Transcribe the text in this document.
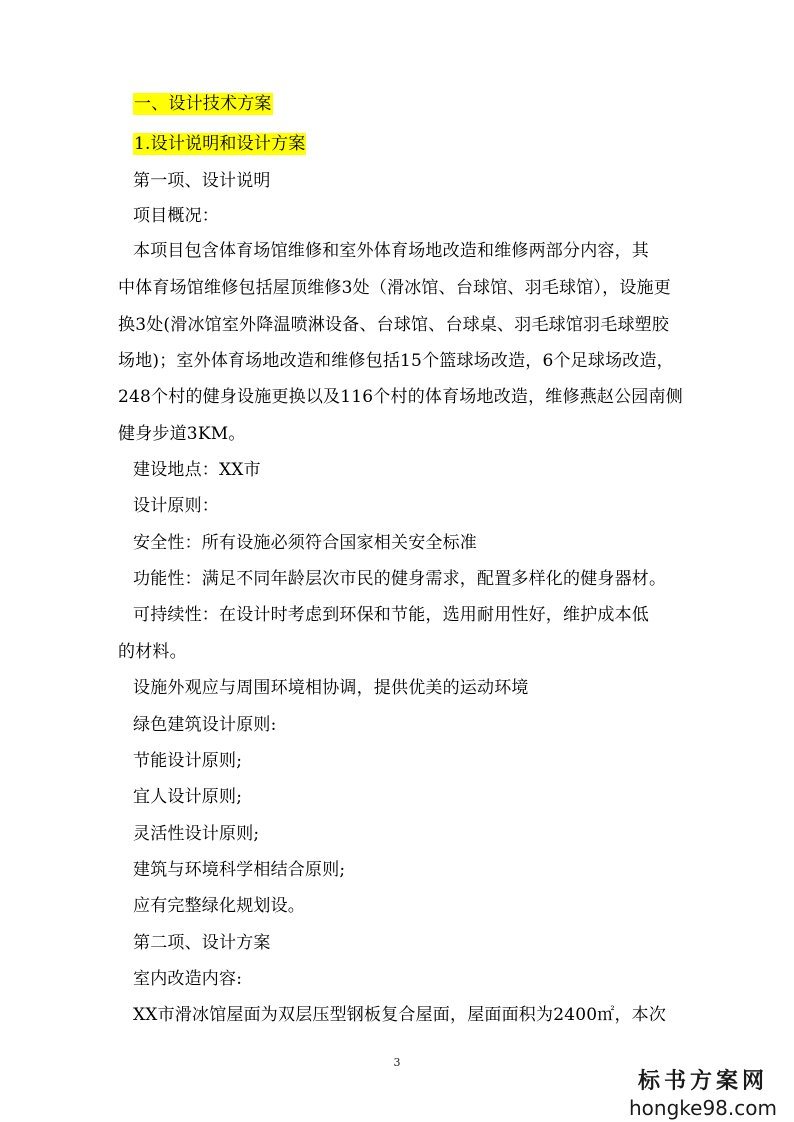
一、设计技术方案
1.设计说明和设计方案
第一项、设计说明
项目概况：
本项目包含体育场馆维修和室外体育场地改造和维修两部分内容，其
中体育场馆维修包括屋顶维修3处（滑冰馆、台球馆、羽毛球馆），设施更
换3处(滑冰馆室外降温喷淋设备、台球馆、台球桌、羽毛球馆羽毛球塑胶
场地)；室外体育场地改造和维修包括15个篮球场改造，6个足球场改造，
248个村的健身设施更换以及116个村的体育场地改造，维修燕赵公园南侧
健身步道3KM。
建设地点：XX市
设计原则：
安全性：所有设施必须符合国家相关安全标准
功能性：满足不同年龄层次市民的健身需求，配置多样化的健身器材。
可持续性：在设计时考虑到环保和节能，选用耐用性好，维护成本低
的材料。
设施外观应与周围环境相协调，提供优美的运动环境
绿色建筑设计原则:
节能设计原则;
宜人设计原则;
灵活性设计原则;
建筑与环境科学相结合原则;
应有完整绿化规划设。
第二项、设计方案
室内改造内容:
XX市滑冰馆屋面为双层压型钢板复合屋面，屋面面积为2400㎡，本次
3
标书方案网
hongke98.com
